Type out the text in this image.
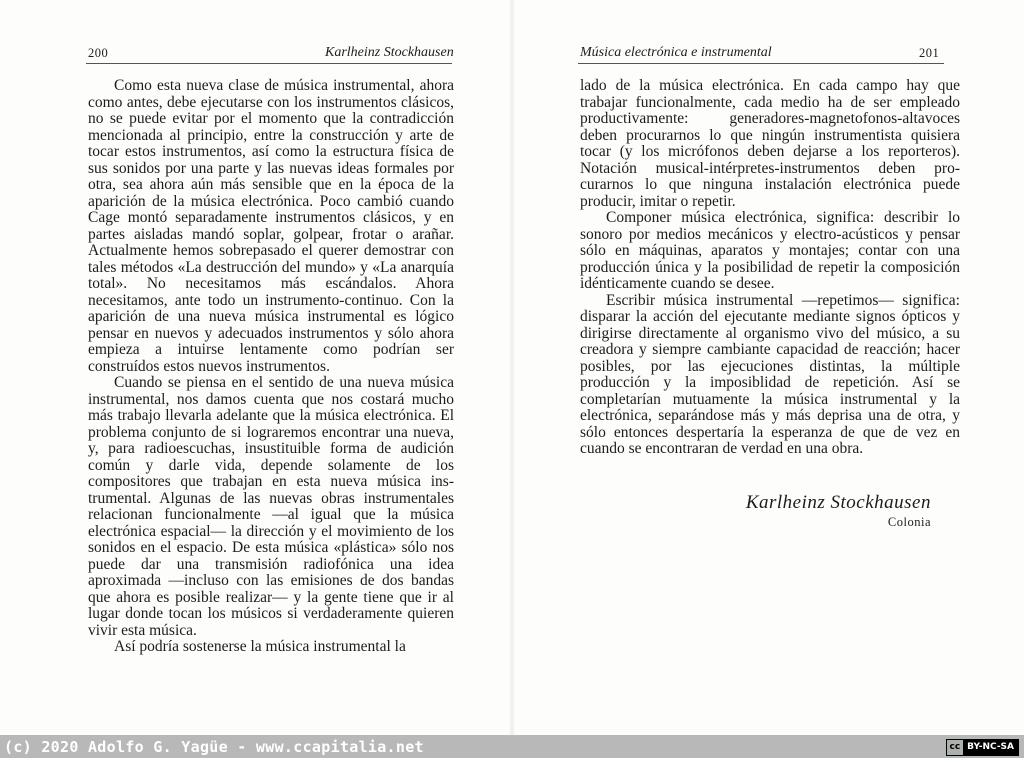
200	Karlheinz Stockhausen

Como esta nueva clase de música instrumental, ahora como antes, debe ejecutarse con los instrumentos clásicos, no se puede evitar por el momento que la contradicción mencionada al principio, entre la construcción y arte de tocar estos instrumentos, así como la estructura física de sus sonidos por una parte y las nuevas ideas formales por otra, sea ahora aún más sensible que en la época de la aparición de la música electrónica. Poco cambió cuando Cage montó separadamente instrumentos clásicos, y en partes aisladas mandó soplar, golpear, frotar o arañar. Actualmente hemos sobrepasado el querer demostrar con tales métodos «La destrucción del mundo» y «La anarquía total». No necesitamos más escándalos. Ahora necesitamos, ante todo un instrumento-continuo. Con la aparición de una nueva música instrumental es lógico pensar en nuevos y adecuados instrumentos y sólo ahora empieza a intuirse lentamente como podrían ser construídos estos nuevos instrumentos.

Cuando se piensa en el sentido de una nueva música instrumental, nos damos cuenta que nos costará mucho más trabajo llevarla adelante que la música electrónica. El problema conjunto de si lograremos encontrar una nueva, y, para radioescuchas, insustituible forma de audición común y darle vida, depende solamente de los compositores que trabajan en esta nueva música instrumental. Algunas de las nuevas obras instrumentales relacionan funcionalmente —al igual que la música electrónica espacial— la dirección y el movimiento de los sonidos en el espacio. De esta música «plástica» sólo nos puede dar una transmisión radiofónica una idea aproximada —incluso con las emisiones de dos bandas que ahora es posible realizar— y la gente tiene que ir al lugar donde tocan los músicos si verdaderamente quieren vivir esta música.

Así podría sostenerse la música instrumental la

Música electrónica e instrumental	201

lado de la música electrónica. En cada campo hay que trabajar funcionalmente, cada medio ha de ser empleado productivamente: generadores-magnetofonos-altavoces deben procurarnos lo que ningún instrumentista quisiera tocar (y los micrófonos deben dejarse a los reporteros). Notación musical-intérpretes-instrumentos deben procurarnos lo que ninguna instalación electrónica puede producir, imitar o repetir.

Componer música electrónica, significa: describir lo sonoro por medios mecánicos y electro-acústicos y pensar sólo en máquinas, aparatos y montajes; contar con una producción única y la posibilidad de repetir la composición idénticamente cuando se desee.

Escribir música instrumental —repetimos— significa: disparar la acción del ejecutante mediante signos ópticos y dirigirse directamente al organismo vivo del músico, a su creadora y siempre cambiante capacidad de reacción; hacer posibles, por las ejecuciones distintas, la múltiple producción y la imposiblidad de repetición. Así se completarían mutuamente la música instrumental y la electrónica, separándose más y más deprisa una de otra, y sólo entonces despertaría la esperanza de que de vez en cuando se encontraran de verdad en una obra.

Karlheinz Stockhausen
Colonia
(c) 2020 Adolfo G. Yagüe - www.ccapitalia.net	cc BY-NC-SA
